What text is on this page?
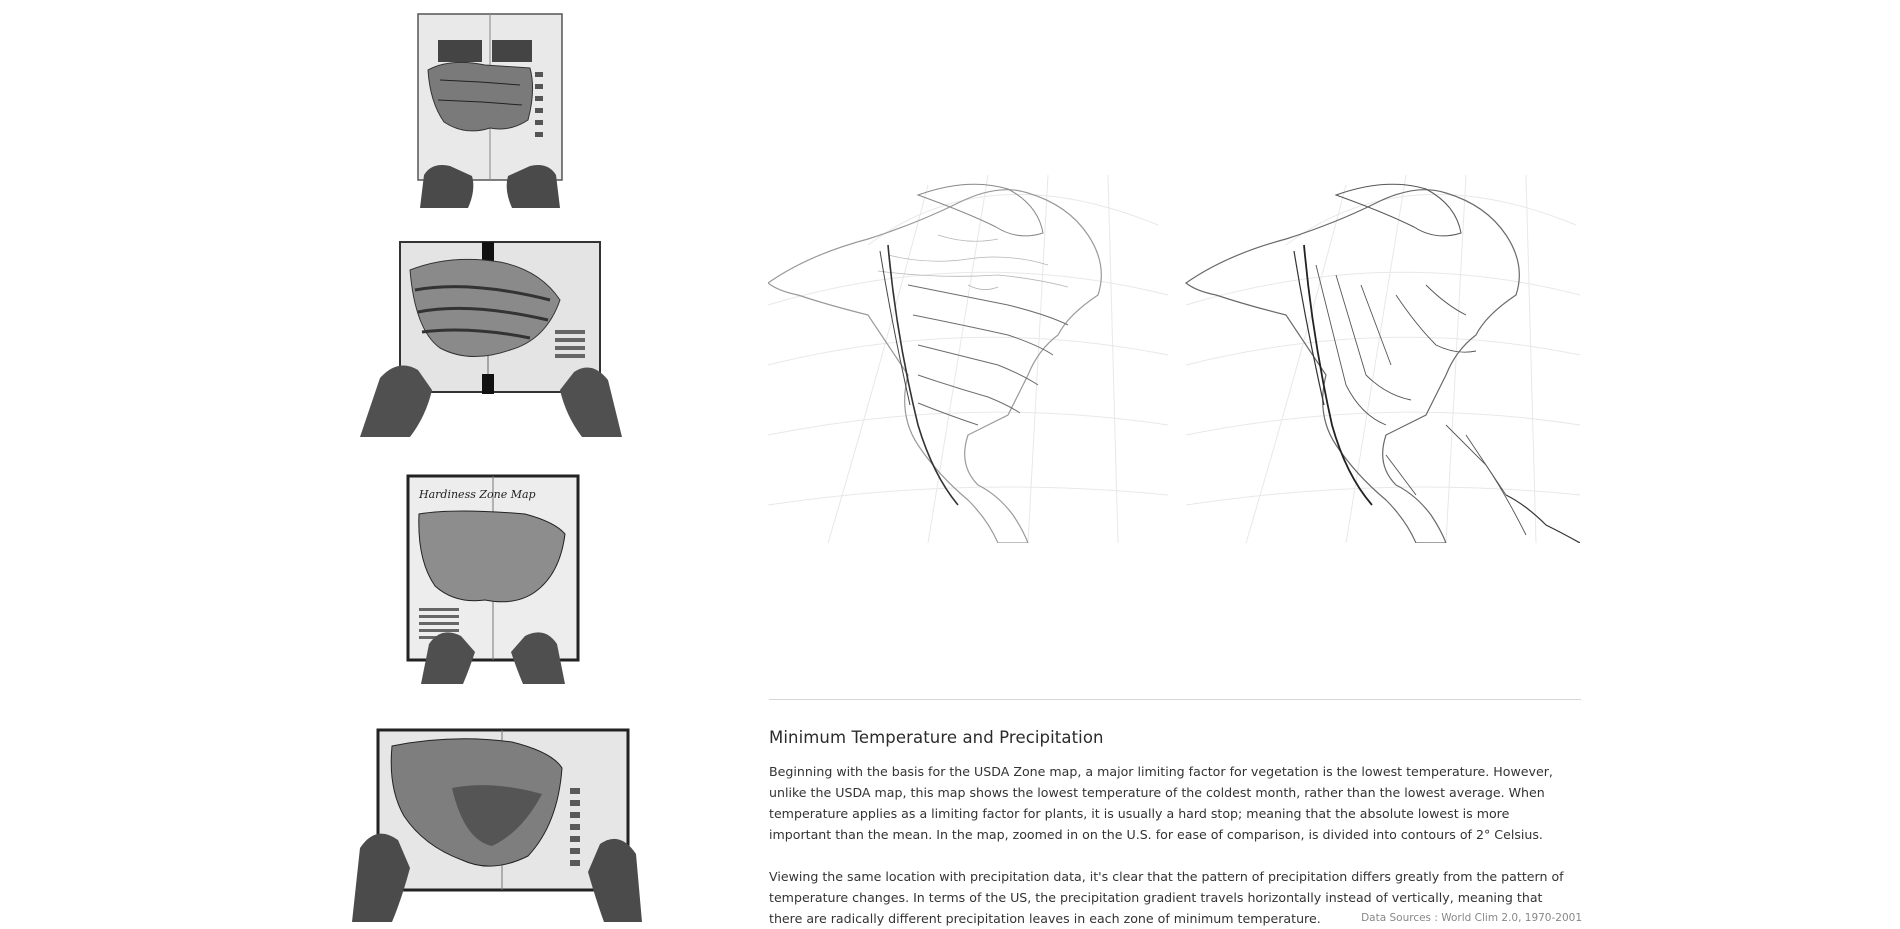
Hardiness Zone Map
Minimum Temperature and Precipitation

Beginning with the basis for the USDA Zone map, a major limiting factor for vegetation is the lowest temperature. However, unlike the USDA map, this map shows the lowest temperature of the coldest month, rather than the lowest average. When temperature applies as a limiting factor for plants, it is usually a hard stop; meaning that the absolute lowest is more important than the mean. In the map, zoomed in on the U.S. for ease of comparison, is divided into contours of 2° Celsius.

Viewing the same location with precipitation data, it's clear that the pattern of precipitation differs greatly from the pattern of temperature changes. In terms of the US, the precipitation gradient travels horizontally instead of vertically, meaning that there are radically different precipitation leaves in each zone of minimum temperature.	Data Sources : World Clim 2.0, 1970-2001
